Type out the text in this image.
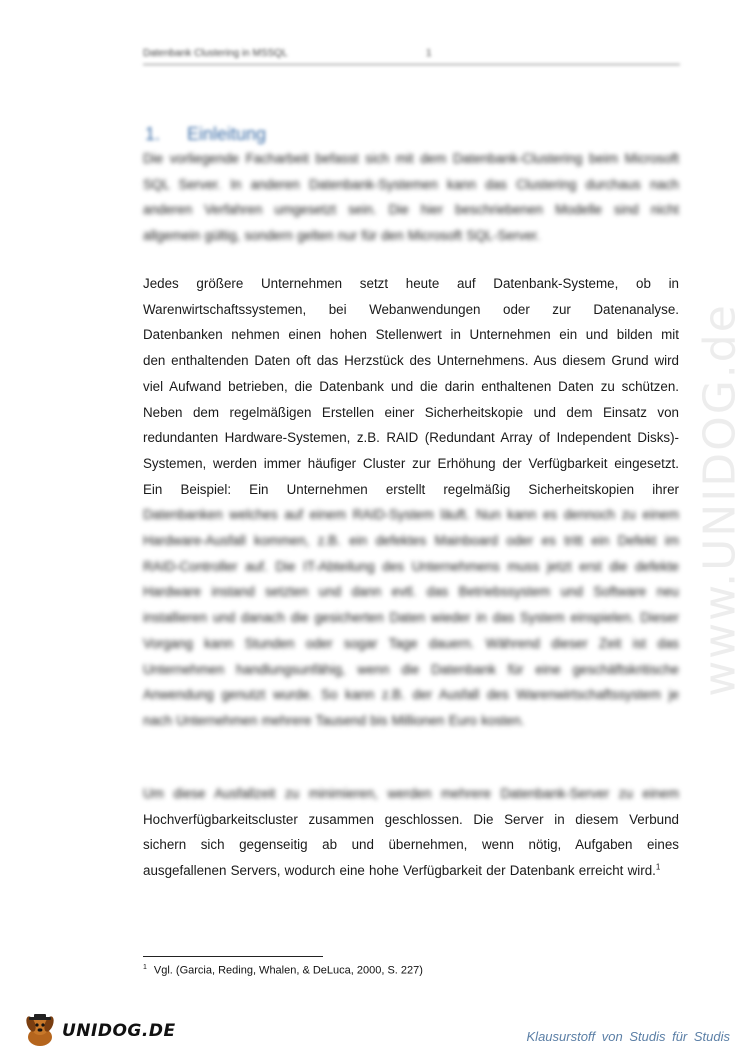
Datenbank Clustering in MSSQL	1
1. Einleitung
Die vorliegende Facharbeit befasst sich mit dem Datenbank-Clustering beim Microsoft
SQL Server. In anderen Datenbank-Systemen kann das Clustering durchaus nach
anderen Verfahren umgesetzt sein. Die hier beschriebenen Modelle sind nicht
allgemein gültig, sondern gelten nur für den Microsoft SQL-Server.
Jedes größere Unternehmen setzt heute auf Datenbank-Systeme, ob in
Warenwirtschaftssystemen, bei Webanwendungen oder zur Datenanalyse.
Datenbanken nehmen einen hohen Stellenwert in Unternehmen ein und bilden mit
den enthaltenden Daten oft das Herzstück des Unternehmens. Aus diesem Grund wird
viel Aufwand betrieben, die Datenbank und die darin enthaltenen Daten zu schützen.
Neben dem regelmäßigen Erstellen einer Sicherheitskopie und dem Einsatz von
redundanten Hardware-Systemen, z.B. RAID (Redundant Array of Independent Disks)-
Systemen, werden immer häufiger Cluster zur Erhöhung der Verfügbarkeit eingesetzt.
Ein Beispiel: Ein Unternehmen erstellt regelmäßig Sicherheitskopien ihrer
Datenbanken welches auf einem RAID-System läuft. Nun kann es dennoch zu einem
Hardware-Ausfall kommen, z.B. ein defektes Mainboard oder es tritt ein Defekt im
RAID-Controller auf. Die IT-Abteilung des Unternehmens muss jetzt erst die defekte
Hardware instand setzten und dann evtl. das Betriebssystem und Software neu
installieren und danach die gesicherten Daten wieder in das System einspielen. Dieser
Vorgang kann Stunden oder sogar Tage dauern. Während dieser Zeit ist das
Unternehmen handlungsunfähig, wenn die Datenbank für eine geschäftskritische
Anwendung genutzt wurde. So kann z.B. der Ausfall des Warenwirtschaftssystem je
nach Unternehmen mehrere Tausend bis Millionen Euro kosten.
Um diese Ausfallzeit zu minimieren, werden mehrere Datenbank-Server zu einem
Hochverfügbarkeitscluster zusammen geschlossen. Die Server in diesem Verbund
sichern sich gegenseitig ab und übernehmen, wenn nötig, Aufgaben eines
ausgefallenen Servers, wodurch eine hohe Verfügbarkeit der Datenbank erreicht wird.$^1$
$^1$ Vgl. (Garcia, Reding, Whalen, & DeLuca, 2000, S. 227)
www.UNIDOG.de
UNIDOG.DE	Klausurstoff von Studis für Studis
